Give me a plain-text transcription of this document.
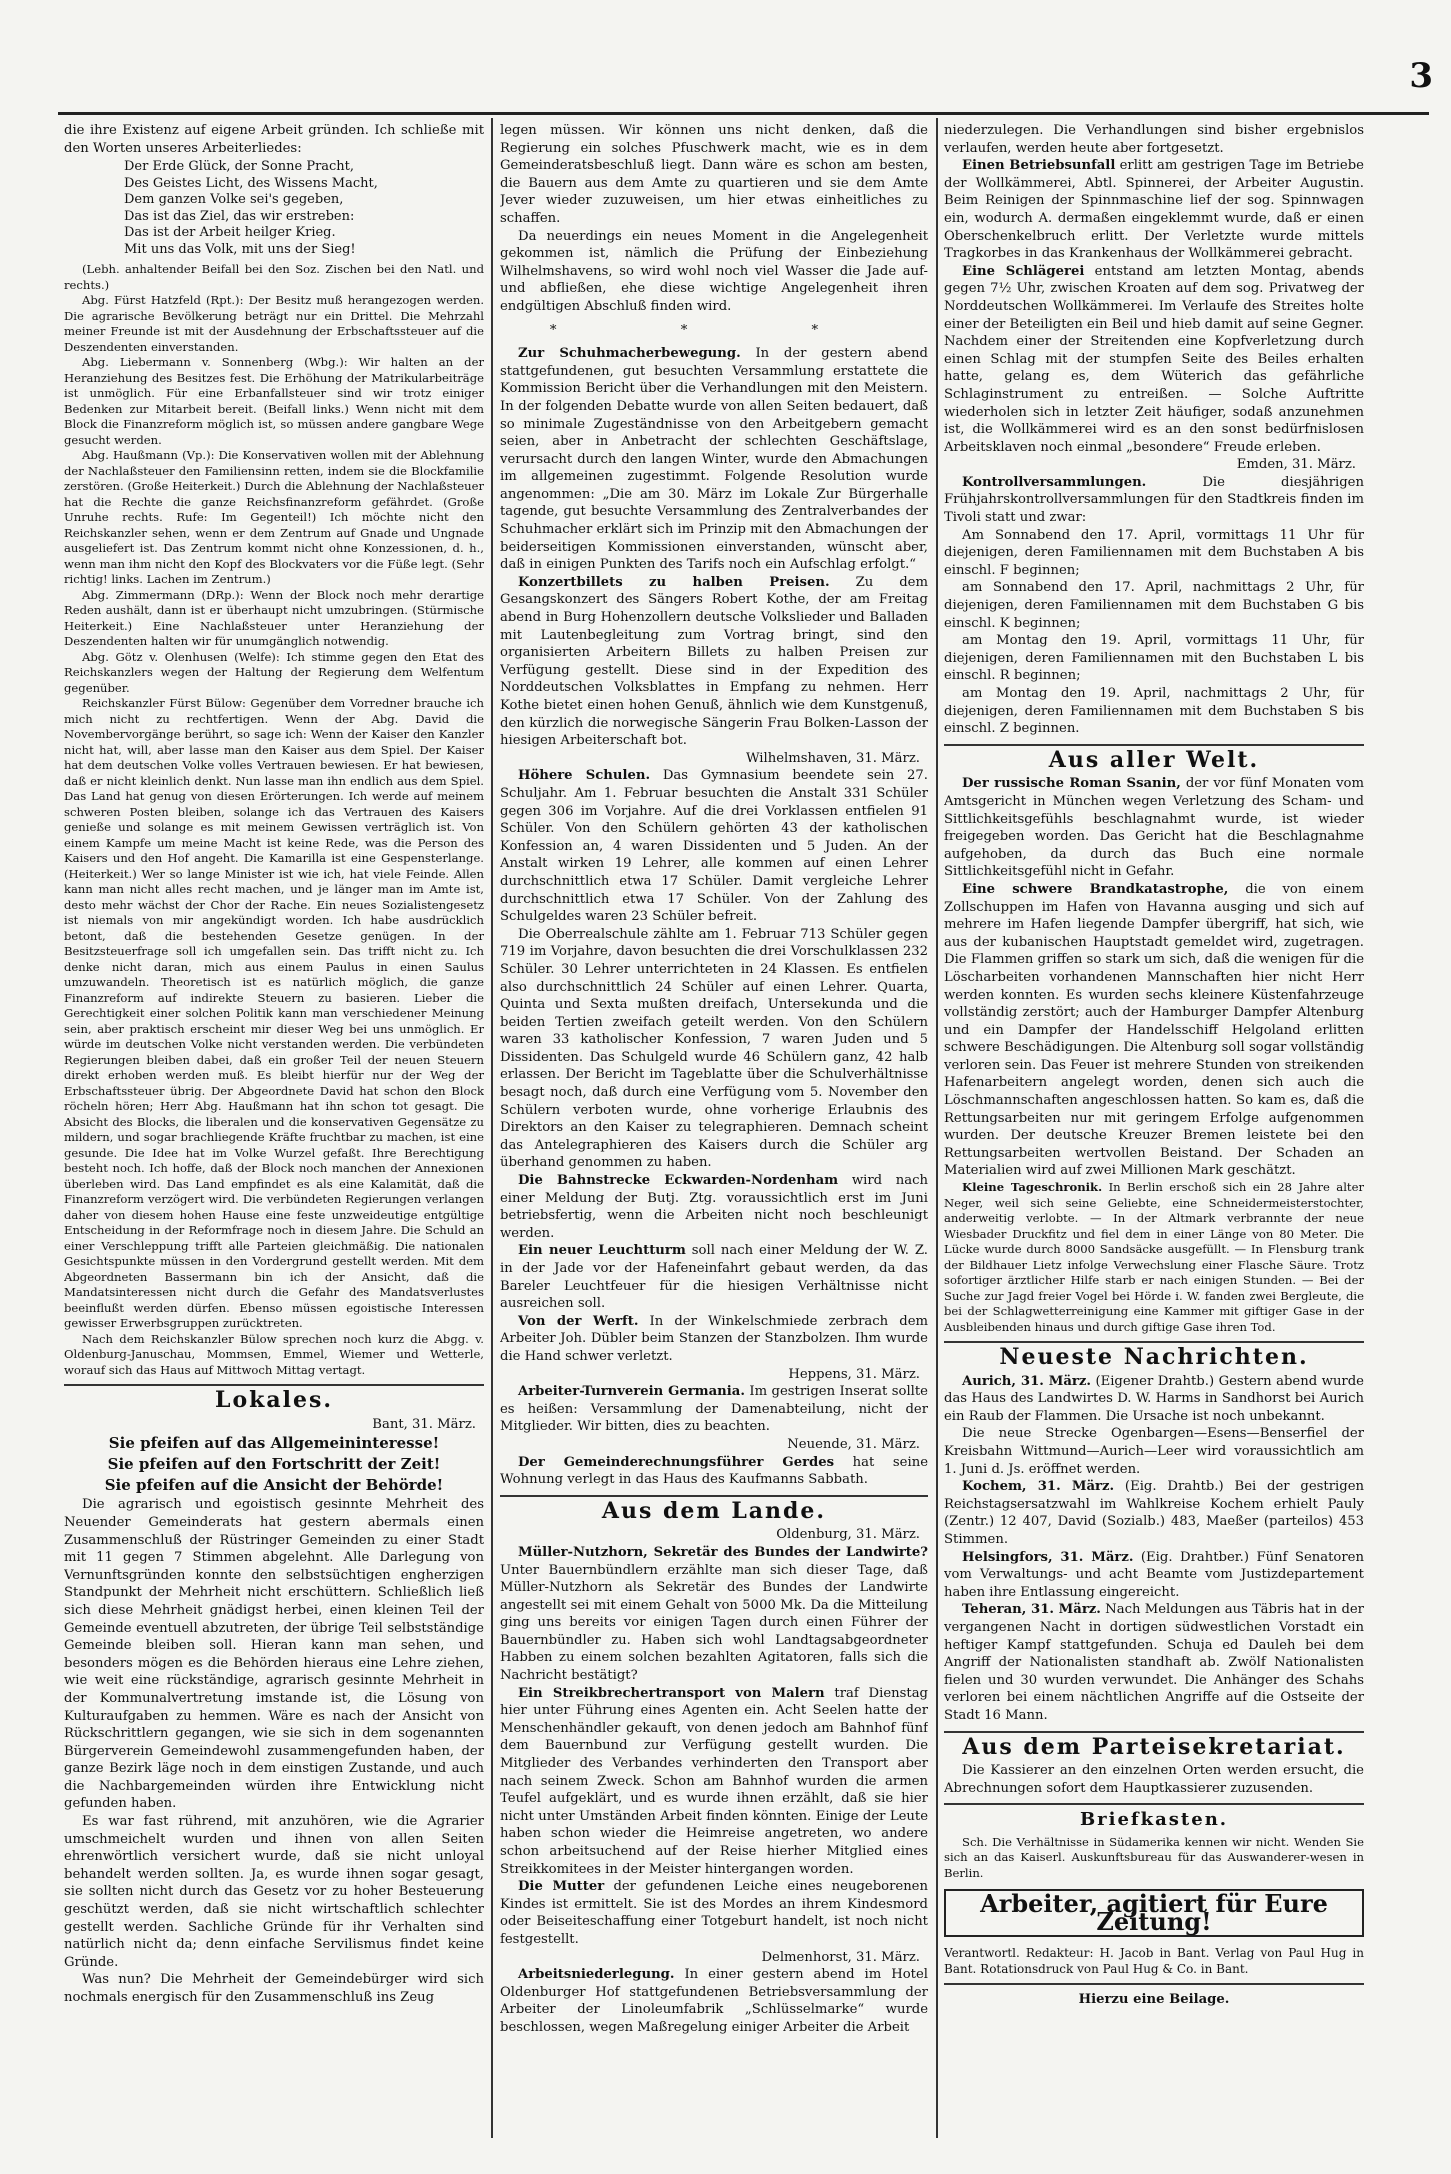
3

die ihre Existenz auf eigene Arbeit gründen. Ich schließe mit den Worten unseres Arbeiterliedes:

Der Erde Glück, der Sonne Pracht,
Des Geistes Licht, des Wissens Macht,
Dem ganzen Volke sei's gegeben,
Das ist das Ziel, das wir erstreben:
Das ist der Arbeit heilger Krieg.
Mit uns das Volk, mit uns der Sieg!

(Lebh. anhaltender Beifall bei den Soz. Zischen bei den Natl. und rechts.)

Abg. Fürst Hatzfeld (Rpt.): Der Besitz muß herangezogen werden. Die agrarische Bevölkerung beträgt nur ein Drittel. Die Mehrzahl meiner Freunde ist mit der Ausdehnung der Erbschaftssteuer auf die Deszendenten einverstanden.

Abg. Liebermann v. Sonnenberg (Wbg.): Wir halten an der Heranziehung des Besitzes fest. Die Erhöhung der Matrikularbeiträge ist unmöglich. Für eine Erbanfallsteuer sind wir trotz einiger Bedenken zur Mitarbeit bereit. (Beifall links.) Wenn nicht mit dem Block die Finanzreform möglich ist, so müssen andere gangbare Wege gesucht werden.

Abg. Haußmann (Vp.): Die Konservativen wollen mit der Ablehnung der Nachlaßsteuer den Familiensinn retten, indem sie die Blockfamilie zerstören. (Große Heiterkeit.) Durch die Ablehnung der Nachlaßsteuer hat die Rechte die ganze Reichsfinanzreform gefährdet. (Große Unruhe rechts. Rufe: Im Gegenteil!) Ich möchte nicht den Reichskanzler sehen, wenn er dem Zentrum auf Gnade und Ungnade ausgeliefert ist. Das Zentrum kommt nicht ohne Konzessionen, d. h., wenn man ihm nicht den Kopf des Blockvaters vor die Füße legt. (Sehr richtig! links. Lachen im Zentrum.)

Abg. Zimmermann (DRp.): Wenn der Block noch mehr derartige Reden aushält, dann ist er überhaupt nicht umzubringen. (Stürmische Heiterkeit.) Eine Nachlaßsteuer unter Heranziehung der Deszendenten halten wir für unumgänglich notwendig.

Abg. Götz v. Olenhusen (Welfe): Ich stimme gegen den Etat des Reichskanzlers wegen der Haltung der Regierung dem Welfentum gegenüber.

Reichskanzler Fürst Bülow: Gegenüber dem Vorredner brauche ich mich nicht zu rechtfertigen. Wenn der Abg. David die Novembervorgänge berührt, so sage ich: Wenn der Kaiser den Kanzler nicht hat, will, aber lasse man den Kaiser aus dem Spiel. Der Kaiser hat dem deutschen Volke volles Vertrauen bewiesen. Er hat bewiesen, daß er nicht kleinlich denkt. Nun lasse man ihn endlich aus dem Spiel. Das Land hat genug von diesen Erörterungen. Ich werde auf meinem schweren Posten bleiben, solange ich das Vertrauen des Kaisers genieße und solange es mit meinem Gewissen verträglich ist. Von einem Kampfe um meine Macht ist keine Rede, was die Person des Kaisers und den Hof angeht. Die Kamarilla ist eine Gespensterlange. (Heiterkeit.) Wer so lange Minister ist wie ich, hat viele Feinde. Allen kann man nicht alles recht machen, und je länger man im Amte ist, desto mehr wächst der Chor der Rache. Ein neues Sozialistengesetz ist niemals von mir angekündigt worden. Ich habe ausdrücklich betont, daß die bestehenden Gesetze genügen. In der Besitzsteuerfrage soll ich umgefallen sein. Das trifft nicht zu. Ich denke nicht daran, mich aus einem Paulus in einen Saulus umzuwandeln. Theoretisch ist es natürlich möglich, die ganze Finanzreform auf indirekte Steuern zu basieren. Lieber die Gerechtigkeit einer solchen Politik kann man verschiedener Meinung sein, aber praktisch erscheint mir dieser Weg bei uns unmöglich. Er würde im deutschen Volke nicht verstanden werden. Die verbündeten Regierungen bleiben dabei, daß ein großer Teil der neuen Steuern direkt erhoben werden muß. Es bleibt hierfür nur der Weg der Erbschaftssteuer übrig. Der Abgeordnete David hat schon den Block röcheln hören; Herr Abg. Haußmann hat ihn schon tot gesagt. Die Absicht des Blocks, die liberalen und die konservativen Gegensätze zu mildern, und sogar brachliegende Kräfte fruchtbar zu machen, ist eine gesunde. Die Idee hat im Volke Wurzel gefaßt. Ihre Berechtigung besteht noch. Ich hoffe, daß der Block noch manchen der Annexionen überleben wird. Das Land empfindet es als eine Kalamität, daß die Finanzreform verzögert wird. Die verbündeten Regierungen verlangen daher von diesem hohen Hause eine feste unzweideutige entgültige Entscheidung in der Reformfrage noch in diesem Jahre. Die Schuld an einer Verschleppung trifft alle Parteien gleichmäßig. Die nationalen Gesichtspunkte müssen in den Vordergrund gestellt werden. Mit dem Abgeordneten Bassermann bin ich der Ansicht, daß die Mandatsinteressen nicht durch die Gefahr des Mandatsverlustes beeinflußt werden dürfen. Ebenso müssen egoistische Interessen gewisser Erwerbsgruppen zurücktreten.

Nach dem Reichskanzler Bülow sprechen noch kurz die Abgg. v. Oldenburg-Januschau, Mommsen, Emmel, Wiemer und Wetterle, worauf sich das Haus auf Mittwoch Mittag vertagt.

Lokales.
Bant, 31. März.
Sie pfeifen auf das Allgemeininteresse!
Sie pfeifen auf den Fortschritt der Zeit!
Sie pfeifen auf die Ansicht der Behörde!

Die agrarisch und egoistisch gesinnte Mehrheit des Neuender Gemeinderats hat gestern abermals einen Zusammenschluß der Rüstringer Gemeinden zu einer Stadt mit 11 gegen 7 Stimmen abgelehnt. Alle Darlegung von Vernunftsgründen konnte den selbstsüchtigen engherzigen Standpunkt der Mehrheit nicht erschüttern. Schließlich ließ sich diese Mehrheit gnädigst herbei, einen kleinen Teil der Gemeinde eventuell abzutreten, der übrige Teil selbstständige Gemeinde bleiben soll. Hieran kann man sehen, und besonders mögen es die Behörden hieraus eine Lehre ziehen, wie weit eine rückständige, agrarisch gesinnte Mehrheit in der Kommunalvertretung imstande ist, die Lösung von Kulturaufgaben zu hemmen. Wäre es nach der Ansicht von Rückschrittlern gegangen, wie sie sich in dem sogenannten Bürgerverein Gemeindewohl zusammengefunden haben, der ganze Bezirk läge noch in dem einstigen Zustande, und auch die Nachbargemeinden würden ihre Entwicklung nicht gefunden haben.

Es war fast rührend, mit anzuhören, wie die Agrarier umschmeichelt wurden und ihnen von allen Seiten ehrenwörtlich versichert wurde, daß sie nicht unloyal behandelt werden sollten. Ja, es wurde ihnen sogar gesagt, sie sollten nicht durch das Gesetz vor zu hoher Besteuerung geschützt werden, daß sie nicht wirtschaftlich schlechter gestellt werden. Sachliche Gründe für ihr Verhalten sind natürlich nicht da; denn einfache Servilismus findet keine Gründe.

Was nun? Die Mehrheit der Gemeindebürger wird sich nochmals energisch für den Zusammenschluß ins Zeug

legen müssen. Wir können uns nicht denken, daß die Regierung ein solches Pfuschwerk macht, wie es in dem Gemeinderatsbeschluß liegt. Dann wäre es schon am besten, die Bauern aus dem Amte zu quartieren und sie dem Amte Jever wieder zuzuweisen, um hier etwas einheitliches zu schaffen.

Da neuerdings ein neues Moment in die Angelegenheit gekommen ist, nämlich die Prüfung der Einbeziehung Wilhelmshavens, so wird wohl noch viel Wasser die Jade auf- und abfließen, ehe diese wichtige Angelegenheit ihren endgültigen Abschluß finden wird.

* * *

Zur Schuhmacherbewegung. In der gestern abend stattgefundenen, gut besuchten Versammlung erstattete die Kommission Bericht über die Verhandlungen mit den Meistern. In der folgenden Debatte wurde von allen Seiten bedauert, daß so minimale Zugeständnisse von den Arbeitgebern gemacht seien, aber in Anbetracht der schlechten Geschäftslage, verursacht durch den langen Winter, wurde den Abmachungen im allgemeinen zugestimmt. Folgende Resolution wurde angenommen: „Die am 30. März im Lokale Zur Bürgerhalle tagende, gut besuchte Versammlung des Zentralverbandes der Schuhmacher erklärt sich im Prinzip mit den Abmachungen der beiderseitigen Kommissionen einverstanden, wünscht aber, daß in einigen Punkten des Tarifs noch ein Aufschlag erfolgt.“

Konzertbillets zu halben Preisen. Zu dem Gesangskonzert des Sängers Robert Kothe, der am Freitag abend in Burg Hohenzollern deutsche Volkslieder und Balladen mit Lautenbegleitung zum Vortrag bringt, sind den organisierten Arbeitern Billets zu halben Preisen zur Verfügung gestellt. Diese sind in der Expedition des Norddeutschen Volksblattes in Empfang zu nehmen. Herr Kothe bietet einen hohen Genuß, ähnlich wie dem Kunstgenuß, den kürzlich die norwegische Sängerin Frau Bolken-Lasson der hiesigen Arbeiterschaft bot.

Wilhelmshaven, 31. März.

Höhere Schulen. Das Gymnasium beendete sein 27. Schuljahr. Am 1. Februar besuchten die Anstalt 331 Schüler gegen 306 im Vorjahre. Auf die drei Vorklassen entfielen 91 Schüler. Von den Schülern gehörten 43 der katholischen Konfession an, 4 waren Dissidenten und 5 Juden. An der Anstalt wirken 19 Lehrer, alle kommen auf einen Lehrer durchschnittlich etwa 17 Schüler. Damit vergleiche Lehrer durchschnittlich etwa 17 Schüler. Von der Zahlung des Schulgeldes waren 23 Schüler befreit.

Die Oberrealschule zählte am 1. Februar 713 Schüler gegen 719 im Vorjahre, davon besuchten die drei Vorschulklassen 232 Schüler. 30 Lehrer unterrichteten in 24 Klassen. Es entfielen also durchschnittlich 24 Schüler auf einen Lehrer. Quarta, Quinta und Sexta mußten dreifach, Untersekunda und die beiden Tertien zweifach geteilt werden. Von den Schülern waren 33 katholischer Konfession, 7 waren Juden und 5 Dissidenten. Das Schulgeld wurde 46 Schülern ganz, 42 halb erlassen. Der Bericht im Tageblatte über die Schulverhältnisse besagt noch, daß durch eine Verfügung vom 5. November den Schülern verboten wurde, ohne vorherige Erlaubnis des Direktors an den Kaiser zu telegraphieren. Demnach scheint das Antelegraphieren des Kaisers durch die Schüler arg überhand genommen zu haben.

Die Bahnstrecke Eckwarden-Nordenham wird nach einer Meldung der Butj. Ztg. voraussichtlich erst im Juni betriebsfertig, wenn die Arbeiten nicht noch beschleunigt werden.

Ein neuer Leuchtturm soll nach einer Meldung der W. Z. in der Jade vor der Hafeneinfahrt gebaut werden, da das Bareler Leuchtfeuer für die hiesigen Verhältnisse nicht ausreichen soll.

Von der Werft. In der Winkelschmiede zerbrach dem Arbeiter Joh. Dübler beim Stanzen der Stanzbolzen. Ihm wurde die Hand schwer verletzt.

Heppens, 31. März.

Arbeiter-Turnverein Germania. Im gestrigen Inserat sollte es heißen: Versammlung der Damenabteilung, nicht der Mitglieder. Wir bitten, dies zu beachten.

Neuende, 31. März.

Der Gemeinderechnungsführer Gerdes hat seine Wohnung verlegt in das Haus des Kaufmanns Sabbath.

Aus dem Lande.
Oldenburg, 31. März.

Müller-Nutzhorn, Sekretär des Bundes der Landwirte? Unter Bauernbündlern erzählte man sich dieser Tage, daß Müller-Nutzhorn als Sekretär des Bundes der Landwirte angestellt sei mit einem Gehalt von 5000 Mk. Da die Mitteilung ging uns bereits vor einigen Tagen durch einen Führer der Bauernbündler zu. Haben sich wohl Landtagsabgeordneter Habben zu einem solchen bezahlten Agitatoren, falls sich die Nachricht bestätigt?

Ein Streikbrechertransport von Malern traf Dienstag hier unter Führung eines Agenten ein. Acht Seelen hatte der Menschenhändler gekauft, von denen jedoch am Bahnhof fünf dem Bauernbund zur Verfügung gestellt wurden. Die Mitglieder des Verbandes verhinderten den Transport aber nach seinem Zweck. Schon am Bahnhof wurden die armen Teufel aufgeklärt, und es wurde ihnen erzählt, daß sie hier nicht unter Umständen Arbeit finden könnten. Einige der Leute haben schon wieder die Heimreise angetreten, wo andere schon arbeitsuchend auf der Reise hierher Mitglied eines Streikkomitees in der Meister hintergangen worden.

Die Mutter der gefundenen Leiche eines neugeborenen Kindes ist ermittelt. Sie ist des Mordes an ihrem Kindesmord oder Beiseiteschaffung einer Totgeburt handelt, ist noch nicht festgestellt.

Delmenhorst, 31. März.

Arbeitsniederlegung. In einer gestern abend im Hotel Oldenburger Hof stattgefundenen Betriebsversammlung der Arbeiter der Linoleumfabrik „Schlüsselmarke“ wurde beschlossen, wegen Maßregelung einiger Arbeiter die Arbeit

niederzulegen. Die Verhandlungen sind bisher ergebnislos verlaufen, werden heute aber fortgesetzt.

Einen Betriebsunfall erlitt am gestrigen Tage im Betriebe der Wollkämmerei, Abtl. Spinnerei, der Arbeiter Augustin. Beim Reinigen der Spinnmaschine lief der sog. Spinnwagen ein, wodurch A. dermaßen eingeklemmt wurde, daß er einen Oberschenkelbruch erlitt. Der Verletzte wurde mittels Tragkorbes in das Krankenhaus der Wollkämmerei gebracht.

Eine Schlägerei entstand am letzten Montag, abends gegen 7½ Uhr, zwischen Kroaten auf dem sog. Privatweg der Norddeutschen Wollkämmerei. Im Verlaufe des Streites holte einer der Beteiligten ein Beil und hieb damit auf seine Gegner. Nachdem einer der Streitenden eine Kopfverletzung durch einen Schlag mit der stumpfen Seite des Beiles erhalten hatte, gelang es, dem Wüterich das gefährliche Schlaginstrument zu entreißen. — Solche Auftritte wiederholen sich in letzter Zeit häufiger, sodaß anzunehmen ist, die Wollkämmerei wird es an den sonst bedürfnislosen Arbeitsklaven noch einmal „besondere“ Freude erleben.

Emden, 31. März.

Kontrollversammlungen.	Die diesjährigen Frühjahrskontrollversammlungen für den Stadtkreis finden im Tivoli statt und zwar:

Am Sonnabend den 17. April, vormittags 11 Uhr für diejenigen, deren Familiennamen mit dem Buchstaben A bis einschl. F beginnen;

am Sonnabend den 17. April, nachmittags 2 Uhr, für diejenigen, deren Familiennamen mit dem Buchstaben G bis einschl. K beginnen;

am Montag den 19. April, vormittags 11 Uhr, für diejenigen, deren Familiennamen mit den Buchstaben L bis einschl. R beginnen;

am Montag den 19. April, nachmittags 2 Uhr, für diejenigen, deren Familiennamen mit dem Buchstaben S bis einschl. Z beginnen.

Aus aller Welt.

Der russische Roman Ssanin, der vor fünf Monaten vom Amtsgericht in München wegen Verletzung des Scham- und Sittlichkeitsgefühls beschlagnahmt wurde, ist wieder freigegeben worden. Das Gericht hat die Beschlagnahme aufgehoben, da durch das Buch eine normale Sittlichkeitsgefühl nicht in Gefahr.

Eine schwere Brandkatastrophe, die von einem Zollschuppen im Hafen von Havanna ausging und sich auf mehrere im Hafen liegende Dampfer übergriff, hat sich, wie aus der kubanischen Hauptstadt gemeldet wird, zugetragen. Die Flammen griffen so stark um sich, daß die wenigen für die Löscharbeiten vorhandenen Mannschaften hier nicht Herr werden konnten. Es wurden sechs kleinere Küstenfahrzeuge vollständig zerstört; auch der Hamburger Dampfer Altenburg und ein Dampfer der Handelsschiff Helgoland erlitten schwere Beschädigungen. Die Altenburg soll sogar vollständig verloren sein. Das Feuer ist mehrere Stunden von streikenden Hafenarbeitern angelegt worden, denen sich auch die Löschmannschaften angeschlossen hatten. So kam es, daß die Rettungsarbeiten nur mit geringem Erfolge aufgenommen wurden. Der deutsche Kreuzer Bremen leistete bei den Rettungsarbeiten wertvollen Beistand. Der Schaden an Materialien wird auf zwei Millionen Mark geschätzt.

Kleine Tageschronik. In Berlin erschoß sich ein 28 Jahre alter Neger, weil sich seine Geliebte, eine Schneidermeisterstochter, anderweitig verlobte. — In der Altmark verbrannte der neue Wiesbader Druckfitz und fiel dem in einer Länge von 80 Meter. Die Lücke wurde durch 8000 Sandsäcke ausgefüllt. — In Flensburg trank der Bildhauer Lietz infolge Verwechslung einer Flasche Säure. Trotz sofortiger ärztlicher Hilfe starb er nach einigen Stunden. — Bei der Suche zur Jagd freier Vogel bei Hörde i. W. fanden zwei Bergleute, die bei der Schlagwetterreinigung eine Kammer mit giftiger Gase in der Ausbleibenden hinaus und durch giftige Gase ihren Tod.

Neueste Nachrichten.

Aurich, 31. März. (Eigener Drahtb.) Gestern abend wurde das Haus des Landwirtes D. W. Harms in Sandhorst bei Aurich ein Raub der Flammen. Die Ursache ist noch unbekannt.

Die neue Strecke Ogenbargen—Esens—Benserfiel der Kreisbahn Wittmund—Aurich—Leer wird voraussichtlich am 1. Juni d. Js. eröffnet werden.

Kochem, 31. März. (Eig. Drahtb.) Bei der gestrigen Reichstagsersatzwahl im Wahlkreise Kochem erhielt Pauly (Zentr.) 12 407, David (Sozialb.) 483, Maeßer (parteilos) 453 Stimmen.

Helsingfors, 31. März. (Eig. Drahtber.) Fünf Senatoren vom Verwaltungs- und acht Beamte vom Justizdepartement haben ihre Entlassung eingereicht.

Teheran, 31. März. Nach Meldungen aus Täbris hat in der vergangenen Nacht in dortigen südwestlichen Vorstadt ein heftiger Kampf stattgefunden. Schuja ed Dauleh bei dem Angriff der Nationalisten standhaft ab. Zwölf Nationalisten fielen und 30 wurden verwundet. Die Anhänger des Schahs verloren bei einem nächtlichen Angriffe auf die Ostseite der Stadt 16 Mann.

Aus dem Parteisekretariat.

Die Kassierer an den einzelnen Orten werden ersucht, die Abrechnungen sofort dem Hauptkassierer zuzusenden.

Briefkasten.

Sch. Die Verhältnisse in Südamerika kennen wir nicht. Wenden Sie sich an das Kaiserl. Auskunftsbureau für das Auswanderer-wesen in Berlin.

Arbeiter, agitiert für Eure Zeitung!

Verantwortl. Redakteur: H. Jacob in Bant. Verlag von Paul Hug in Bant. Rotationsdruck von Paul Hug & Co. in Bant.

Hierzu eine Beilage.
